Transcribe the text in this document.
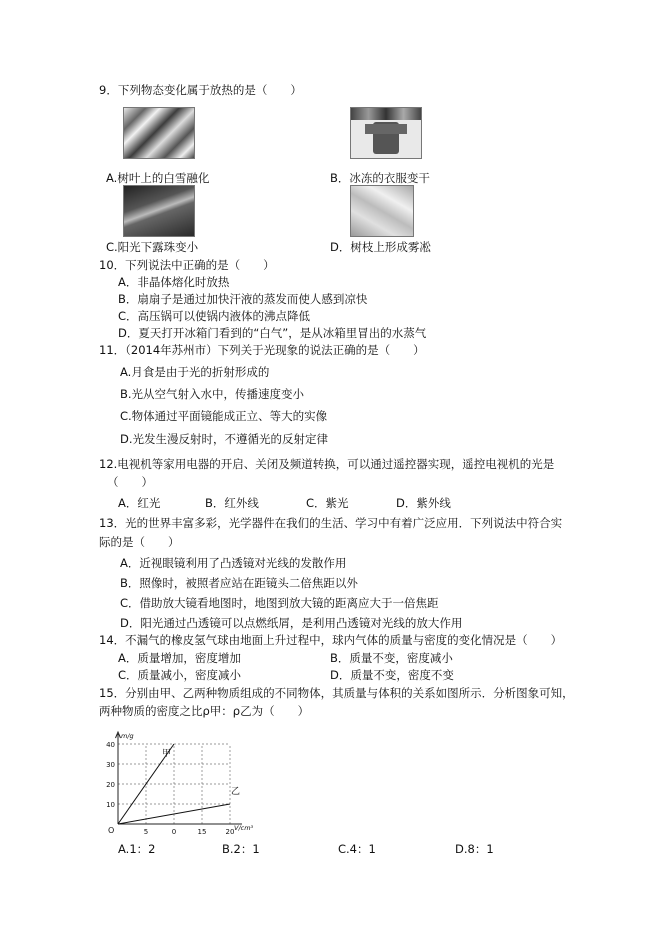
9．下列物态变化属于放热的是（　　）
A.树叶上的白雪融化	B．冰冻的衣服变干
C.阳光下露珠变小	D．树枝上形成雾凇
10．下列说法中正确的是（　　）
A．非晶体熔化时放热
B．扇扇子是通过加快汗液的蒸发而使人感到凉快
C．高压锅可以使锅内液体的沸点降低
D．夏天打开冰箱门看到的“白气”，是从冰箱里冒出的水蒸气
11．（2014年苏州市）下列关于光现象的说法正确的是（　　）
A.月食是由于光的折射形成的
B.光从空气射入水中，传播速度变小
C.物体通过平面镜能成正立、等大的实像
D.光发生漫反射时，不遵循光的反射定律
12.电视机等家用电器的开启、关闭及频道转换，可以通过遥控器实现，遥控电视机的光是
（　　）
A．红光	B．红外线	C．紫光	D．紫外线
13．光的世界丰富多彩，光学器件在我们的生活、学习中有着广泛应用．下列说法中符合实
际的是（　　）
A．近视眼镜利用了凸透镜对光线的发散作用
B．照像时，被照者应站在距镜头二倍焦距以外
C．借助放大镜看地图时，地图到放大镜的距离应大于一倍焦距
D．阳光通过凸透镜可以点燃纸屑，是利用凸透镜对光线的放大作用
14．不漏气的橡皮氢气球由地面上升过程中，球内气体的质量与密度的变化情况是（　　）
A．质量增加，密度增加	B．质量不变，密度减小
C．质量减小，密度减小	D．质量不变，密度不变
15．分别由甲、乙两种物质组成的不同物体，其质量与体积的关系如图所示．分析图象可知，
两种物质的密度之比ρ甲：ρ乙为（　　）
甲
乙
40
30
20
10
5	0	15	20
O
m/g
V/cm³
A.1：2	B.2：1	C.4：1	D.8：1
